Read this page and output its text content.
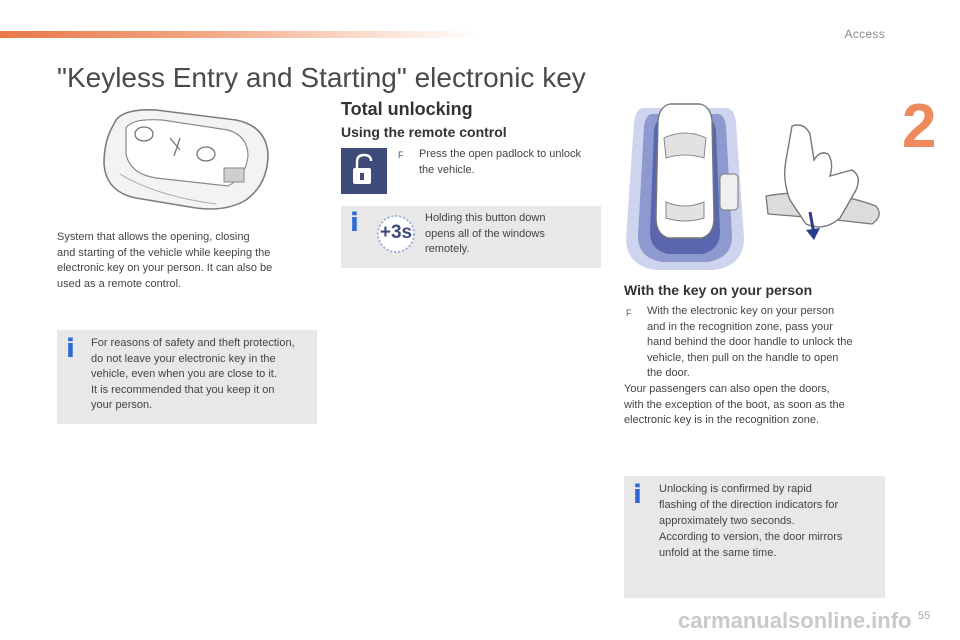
Access
2
"Keyless Entry and Starting" electronic key
System that allows the opening, closing
and starting of the vehicle while keeping the
electronic key on your person. It can also be
used as a remote control.
i For reasons of safety and theft protection,
do not leave your electronic key in the
vehicle, even when you are close to it.
It is recommended that you keep it on
your person.
Total unlocking
Using the remote control
F Press the open padlock to unlock
the vehicle.
i	Holding this button down
opens all of the windows
remotely.
+3s
With the key on your person
F With the electronic key on your person
and in the recognition zone, pass your
hand behind the door handle to unlock the
vehicle, then pull on the handle to open
the door.
Your passengers can also open the doors,
with the exception of the boot, as soon as the
electronic key is in the recognition zone.
i Unlocking is confirmed by rapid
flashing of the direction indicators for
approximately two seconds.
According to version, the door mirrors
unfold at the same time.
carmanualsonline.info 55
